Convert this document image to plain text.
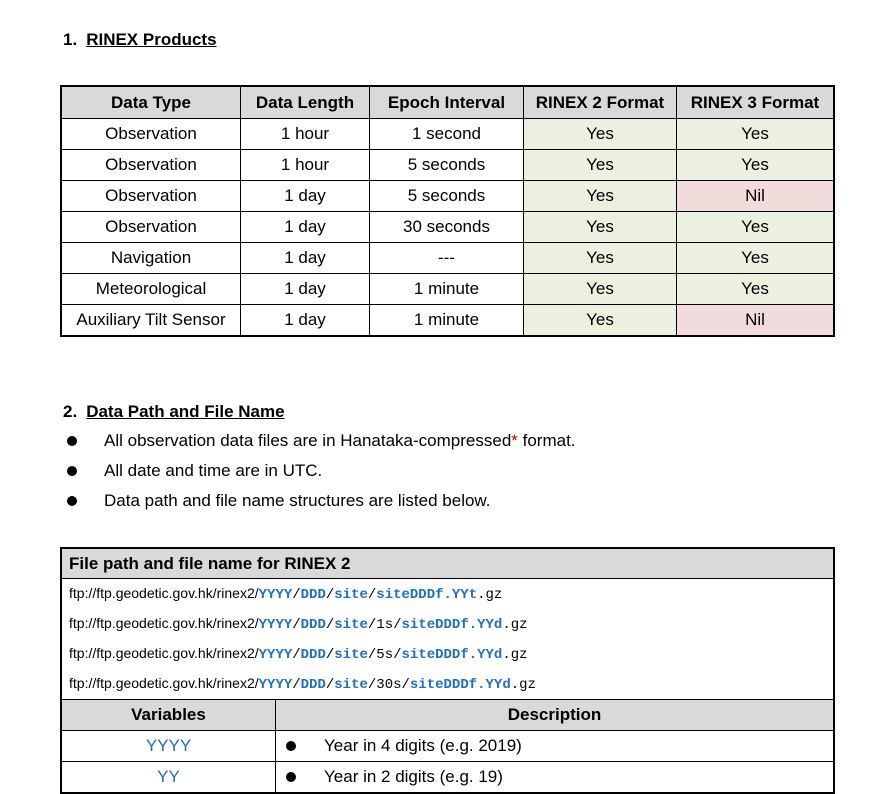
1. RINEX Products
Data Type	Data Length	Epoch Interval	RINEX 2 Format	RINEX 3 Format
Observation	1 hour	1 second	Yes	Yes
Observation	1 hour	5 seconds	Yes	Yes
Observation	1 day	5 seconds	Yes	Nil
Observation	1 day	30 seconds	Yes	Yes
Navigation	1 day	---	Yes	Yes
Meteorological	1 day	1 minute	Yes	Yes
Auxiliary Tilt Sensor	1 day	1 minute	Yes	Nil
2. Data Path and File Name
All observation data files are in Hanataka-compressed* format.
All date and time are in UTC.
Data path and file name structures are listed below.
File path and file name for RINEX 2	
ftp://ftp.geodetic.gov.hk/rinex2/YYYY/DDD/site/siteDDDf.YYt.gz	
ftp://ftp.geodetic.gov.hk/rinex2/YYYY/DDD/site/1s/siteDDDf.YYd.gz	
ftp://ftp.geodetic.gov.hk/rinex2/YYYY/DDD/site/5s/siteDDDf.YYd.gz	
ftp://ftp.geodetic.gov.hk/rinex2/YYYY/DDD/site/30s/siteDDDf.YYd.gz	
Variables	Description
YYYY	Year in 4 digits (e.g. 2019)
YY	Year in 2 digits (e.g. 19)
